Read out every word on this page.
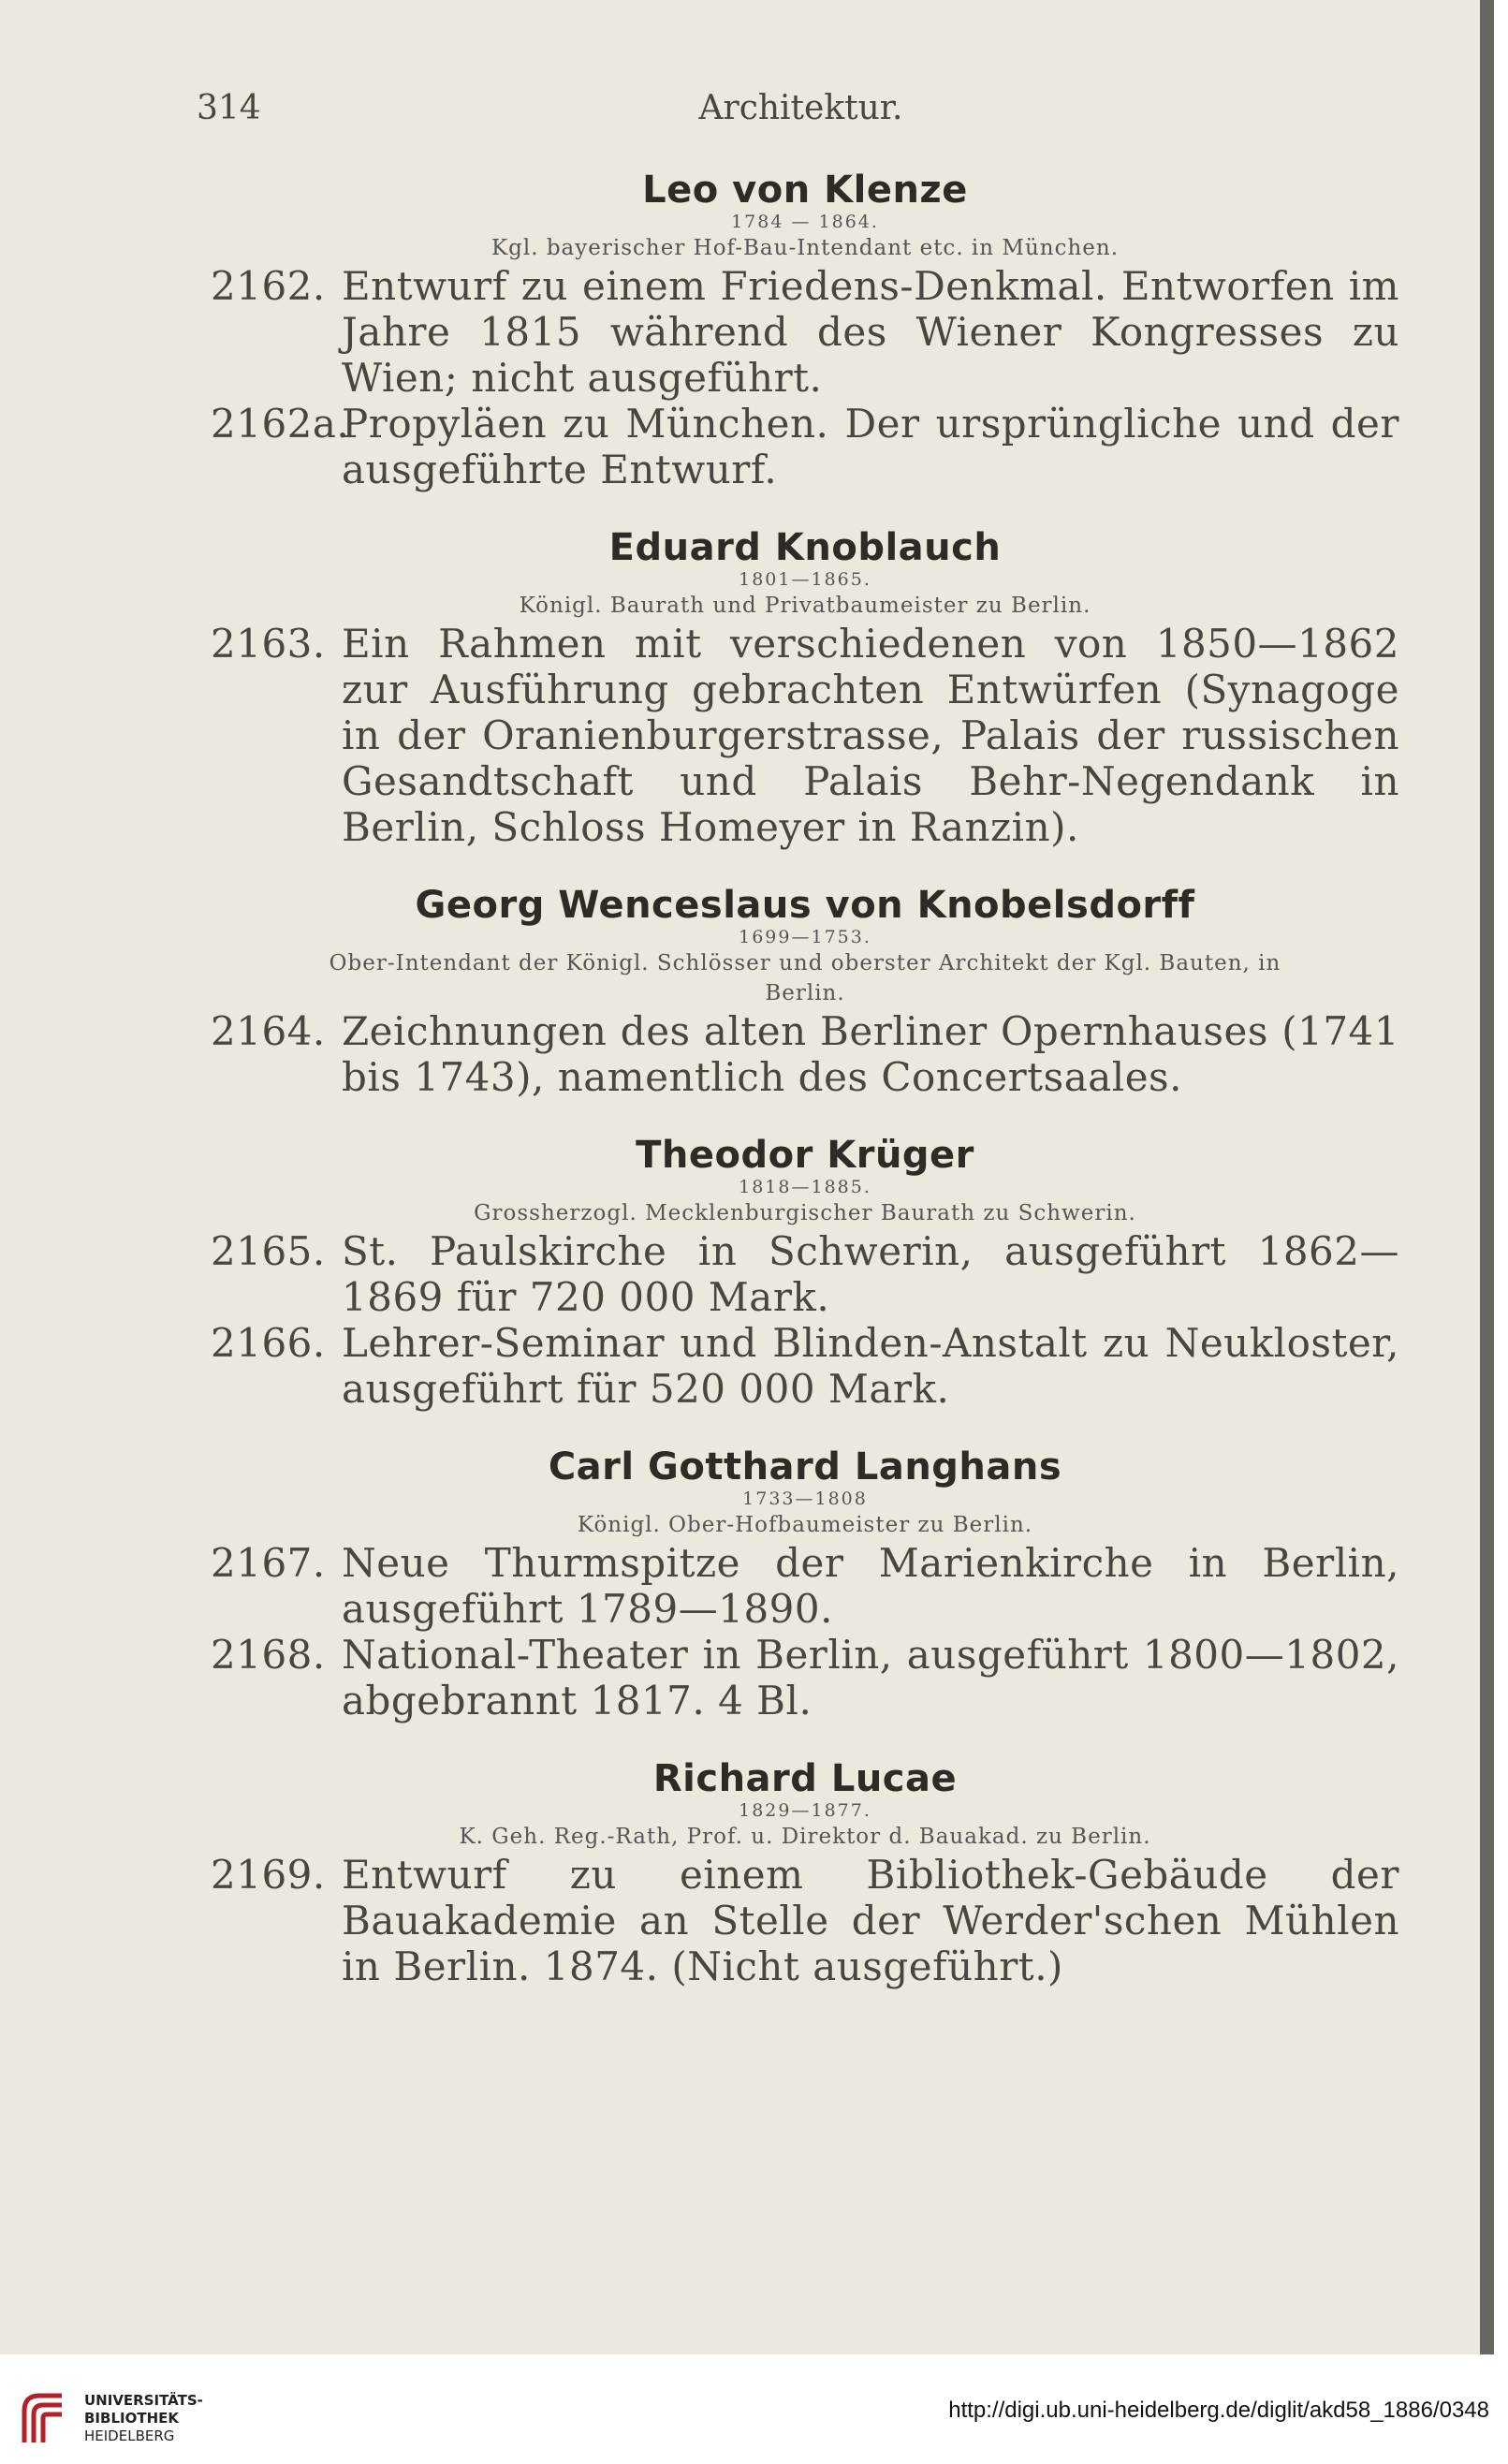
314	Architektur.
Leo von Klenze
1784 — 1864.
Kgl. bayerischer Hof-Bau-Intendant etc. in München.
2162. Entwurf zu einem Friedens-Denkmal. Entworfen im Jahre 1815 während des Wiener Kongresses zu Wien; nicht ausgeführt.
2162a.Propyläen zu München. Der ursprüngliche und der ausgeführte Entwurf.
Eduard Knoblauch
1801—1865.
Königl. Baurath und Privatbaumeister zu Berlin.
2163. Ein Rahmen mit verschiedenen von 1850—1862 zur Ausführung gebrachten Entwürfen (Synagoge in der Oranienburgerstrasse, Palais der russischen Gesandtschaft und Palais Behr-Negendank in Berlin, Schloss Homeyer in Ranzin).
Georg Wenceslaus von Knobelsdorff
1699—1753.
Ober-Intendant der Königl. Schlösser und oberster Architekt der Kgl. Bauten, in Berlin.
2164. Zeichnungen des alten Berliner Opernhauses (1741 bis 1743), namentlich des Concertsaales.
Theodor Krüger
1818—1885.
Grossherzogl. Mecklenburgischer Baurath zu Schwerin.
2165. St. Paulskirche in Schwerin, ausgeführt 1862—1869 für 720 000 Mark.
2166. Lehrer-Seminar und Blinden-Anstalt zu Neukloster, ausgeführt für 520 000 Mark.
Carl Gotthard Langhans
1733—1808
Königl. Ober-Hofbaumeister zu Berlin.
2167. Neue Thurmspitze der Marienkirche in Berlin, ausgeführt 1789—1890.
2168. National-Theater in Berlin, ausgeführt 1800—1802, abgebrannt 1817. 4 Bl.
Richard Lucae
1829—1877.
K. Geh. Reg.-Rath, Prof. u. Direktor d. Bauakad. zu Berlin.
2169. Entwurf zu einem Bibliothek-Gebäude der Bauakademie an Stelle der Werder'schen Mühlen in Berlin. 1874. (Nicht ausgeführt.)
UNIVERSITÄTS-
BIBLIOTHEK
HEIDELBERG
http://digi.ub.uni-heidelberg.de/diglit/akd58_1886/0348
